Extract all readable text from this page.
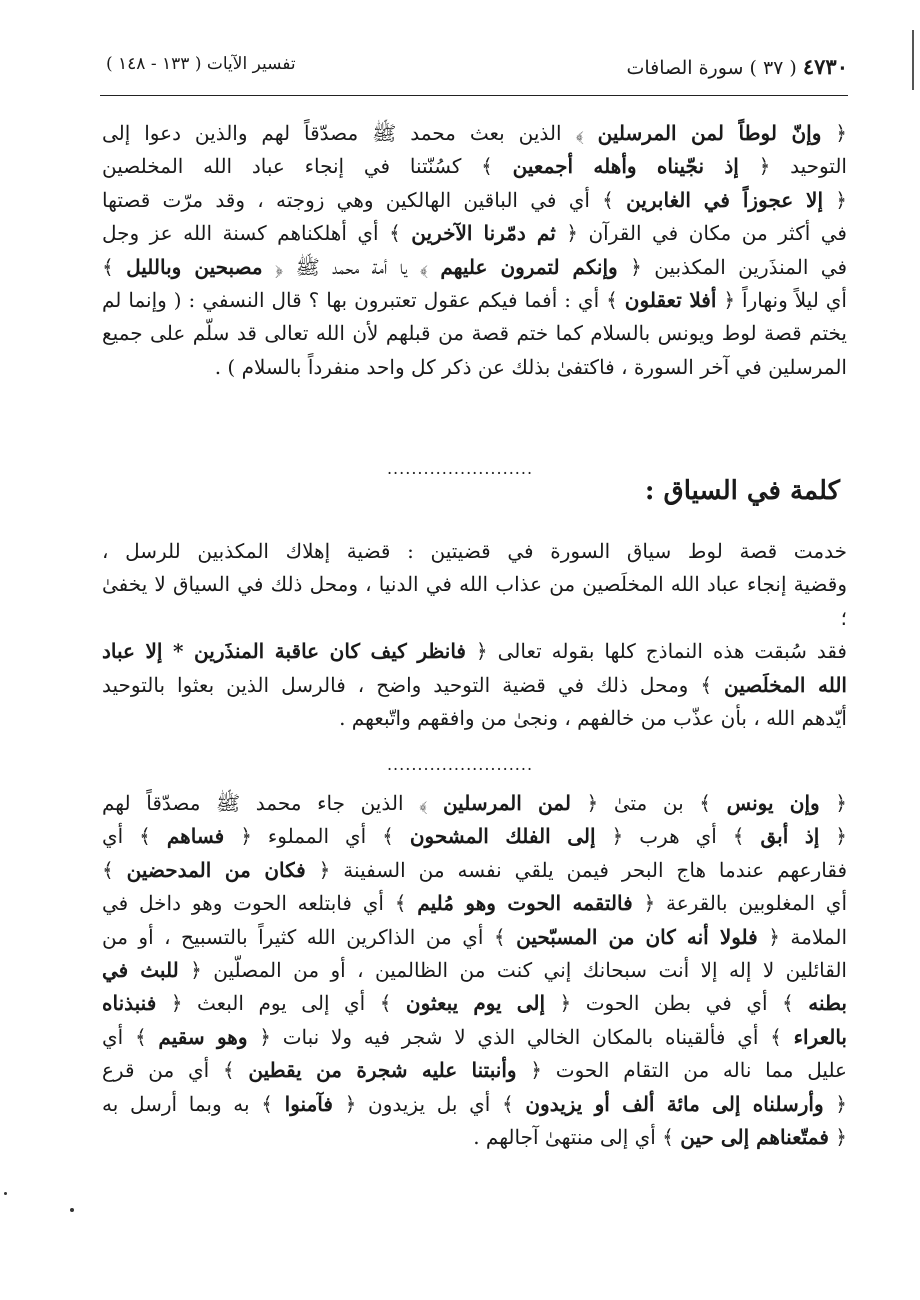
٤٧٣٠ ( ٣٧ ) سورة الصافات
تفسير الآيات ( ١٣٣ - ١٤٨ )
﴿ وإنّ لوطاً لمن المرسلين ﴾ الذين بعث محمد ﷺ مصدّقاً لهم والذين دعوا إلى
التوحيد ﴿ إذ نجّيناه وأهله أجمعين ﴾ كسُنّتنا في إنجاء عباد الله المخلصين
﴿ إلا عجوزاً في الغابرين ﴾ أي في الباقين الهالكين وهي زوجته ، وقد مرّت قصتها
في أكثر من مكان في القرآن ﴿ ثم دمّرنا الآخرين ﴾ أي أهلكناهم كسنة الله عز وجل
في المنذَرين المكذبين ﴿ وإنكم لتمرون عليهم ﴾ يا أمة محمد ﷺ ﴿ مصبحين وبالليل ﴾
أي ليلاً ونهاراً ﴿ أفلا تعقلون ﴾ أي : أفما فيكم عقول تعتبرون بها ؟ قال النسفي : ( وإنما لم
يختم قصة لوط ويونس بالسلام كما ختم قصة من قبلهم لأن الله تعالى قد سلّم على جميع
المرسلين في آخر السورة ، فاكتفىٰ بذلك عن ذكر كل واحد منفرداً بالسلام ) .
........................
كلمة في السياق :
خدمت قصة لوط سياق السورة في قضيتين : قضية إهلاك المكذبين للرسل ،
وقضية إنجاء عباد الله المخلَصين من عذاب الله في الدنيا ، ومحل ذلك في السياق لا يخفىٰ ؛
فقد سُبقت هذه النماذج كلها بقوله تعالى ﴿ فانظر كيف كان عاقبة المنذَرين * إلا عباد
الله المخلَصين ﴾ ومحل ذلك في قضية التوحيد واضح ، فالرسل الذين بعثوا بالتوحيد
أيّدهم الله ، بأن عذّب من خالفهم ، ونجىٰ من وافقهم واتّبعهم .
........................
﴿ وإن يونس ﴾ بن متىٰ ﴿ لمن المرسلين ﴾ الذين جاء محمد ﷺ مصدّقاً لهم
﴿ إذ أبق ﴾ أي هرب ﴿ إلى الفلك المشحون ﴾ أي المملوء ﴿ فساهم ﴾ أي
فقارعهم عندما هاج البحر فيمن يلقي نفسه من السفينة ﴿ فكان من المدحضين ﴾
أي المغلوبين بالقرعة ﴿ فالتقمه الحوت وهو مُليم ﴾ أي فابتلعه الحوت وهو داخل في
الملامة ﴿ فلولا أنه كان من المسبّحين ﴾ أي من الذاكرين الله كثيراً بالتسبيح ، أو من
القائلين لا إله إلا أنت سبحانك إني كنت من الظالمين ، أو من المصلّين ﴿ للبث في
بطنه ﴾ أي في بطن الحوت ﴿ إلى يوم يبعثون ﴾ أي إلى يوم البعث ﴿ فنبذناه
بالعراء ﴾ أي فألقيناه بالمكان الخالي الذي لا شجر فيه ولا نبات ﴿ وهو سقيم ﴾ أي
عليل مما ناله من التقام الحوت ﴿ وأنبتنا عليه شجرة من يقطين ﴾ أي من قرع
﴿ وأرسلناه إلى مائة ألف أو يزيدون ﴾ أي بل يزيدون ﴿ فآمنوا ﴾ به وبما أرسل به
﴿ فمتّعناهم إلى حين ﴾ أي إلى منتهىٰ آجالهم .
